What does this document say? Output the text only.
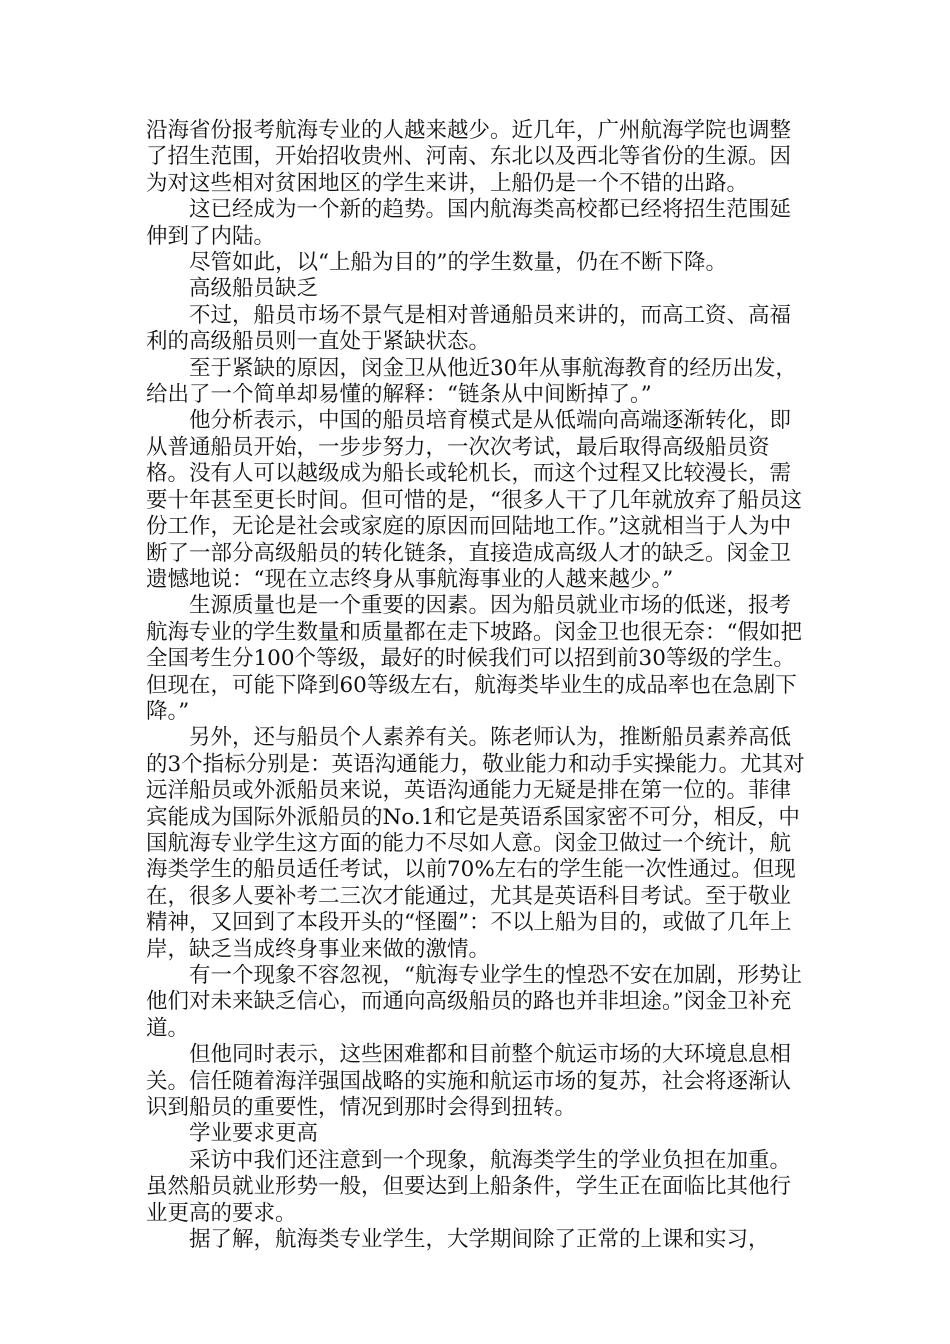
沿海省份报考航海专业的人越来越少。近几年，广州航海学院也调整了招生范围，开始招收贵州、河南、东北以及西北等省份的生源。因为对这些相对贫困地区的学生来讲，上船仍是一个不错的出路。

这已经成为一个新的趋势。国内航海类高校都已经将招生范围延伸到了内陆。

尽管如此，以“上船为目的”的学生数量，仍在不断下降。

高级船员缺乏

不过，船员市场不景气是相对普通船员来讲的，而高工资、高福利的高级船员则一直处于紧缺状态。

至于紧缺的原因，闵金卫从他近30年从事航海教育的经历出发，给出了一个简单却易懂的解释：“链条从中间断掉了。”

他分析表示，中国的船员培育模式是从低端向高端逐渐转化，即从普通船员开始，一步步努力，一次次考试，最后取得高级船员资格。没有人可以越级成为船长或轮机长，而这个过程又比较漫长，需要十年甚至更长时间。但可惜的是，“很多人干了几年就放弃了船员这份工作，无论是社会或家庭的原因而回陆地工作。”这就相当于人为中断了一部分高级船员的转化链条，直接造成高级人才的缺乏。闵金卫遗憾地说：“现在立志终身从事航海事业的人越来越少。”

生源质量也是一个重要的因素。因为船员就业市场的低迷，报考航海专业的学生数量和质量都在走下坡路。闵金卫也很无奈：“假如把全国考生分100个等级，最好的时候我们可以招到前30等级的学生。但现在，可能下降到60等级左右，航海类毕业生的成品率也在急剧下降。”

另外，还与船员个人素养有关。陈老师认为，推断船员素养高低的3个指标分别是：英语沟通能力，敬业能力和动手实操能力。尤其对远洋船员或外派船员来说，英语沟通能力无疑是排在第一位的。菲律宾能成为国际外派船员的No.1和它是英语系国家密不可分，相反，中国航海专业学生这方面的能力不尽如人意。闵金卫做过一个统计，航海类学生的船员适任考试，以前70%左右的学生能一次性通过。但现在，很多人要补考二三次才能通过，尤其是英语科目考试。至于敬业精神，又回到了本段开头的“怪圈”：不以上船为目的，或做了几年上岸，缺乏当成终身事业来做的激情。

有一个现象不容忽视，“航海专业学生的惶恐不安在加剧，形势让他们对未来缺乏信心，而通向高级船员的路也并非坦途。”闵金卫补充道。

但他同时表示，这些困难都和目前整个航运市场的大环境息息相关。信任随着海洋强国战略的实施和航运市场的复苏，社会将逐渐认识到船员的重要性，情况到那时会得到扭转。

学业要求更高

采访中我们还注意到一个现象，航海类学生的学业负担在加重。虽然船员就业形势一般，但要达到上船条件，学生正在面临比其他行业更高的要求。

据了解，航海类专业学生，大学期间除了正常的上课和实习，
